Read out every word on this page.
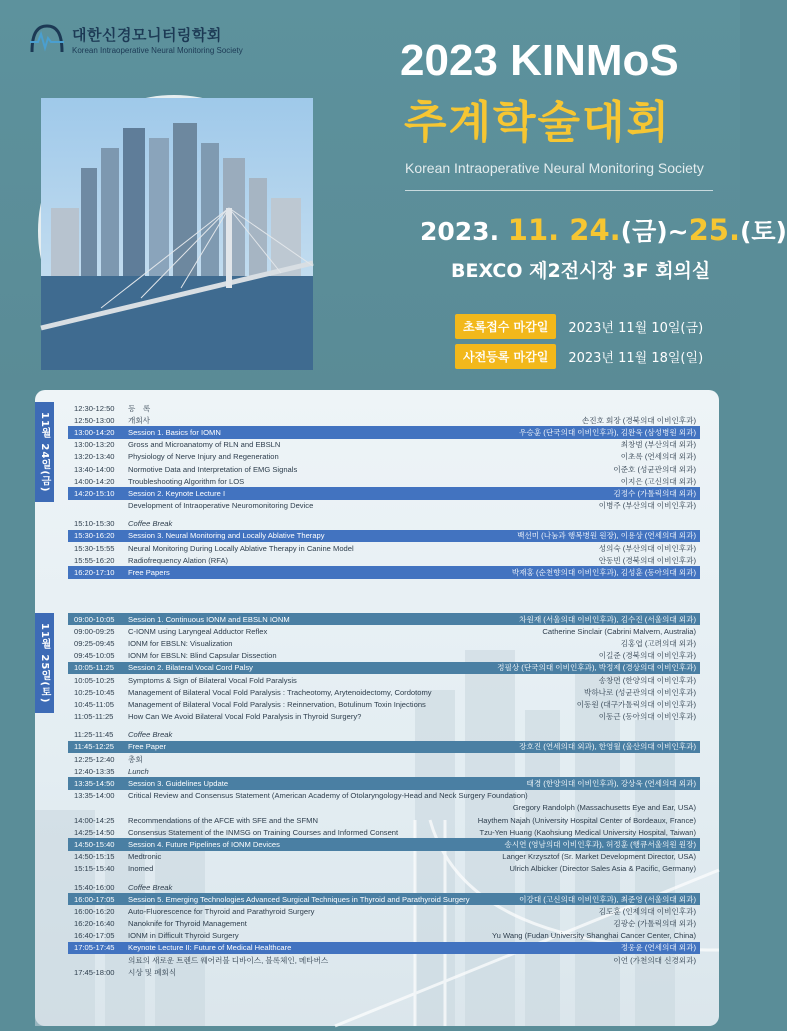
대한신경모니터링학회
Korean Intraoperative Neural Monitoring Society	2023 KINMoS
추계학술대회
Korean Intraoperative Neural Monitoring Society
2023. 11. 24.(금)~25.(토)
BEXCO 제2전시장 3F 회의실
초록접수 마감일	2023년 11월 10일(금)
사전등록 마감일	2023년 11월 18일(일)
11월 24일(금)
12:30-12:50	등　록
12:50-13:00	개회사	손진호 회장 (경북의대 이비인후과)
13:00-14:20	Session 1. Basics for IOMN	우승훈 (단국의대 이비인후과), 김완욱 (삼성병원 외과)
13:00-13:20	Gross and Microanatomy of RLN and EBSLN	최창범 (부산의대 외과)
13:20-13:40	Physiology of Nerve Injury and Regeneration	이초록 (연세의대 외과)
13:40-14:00	Normotive Data and Interpretation of EMG Signals	이준호 (성균관의대 외과)
14:00-14:20	Troubleshooting Algorithm for LOS	이지은 (고신의대 외과)
14:20-15:10	Session 2. Keynote Lecture I	김정수 (가톨릭의대 외과)
Development of Intraoperative Neuromonitoring Device	이병주 (부산의대 이비인후과)
15:10-15:30	Coffee Break
15:30-16:20	Session 3. Neural Monitoring and Locally Ablative Therapy	백선미 (나눔과 행복병원 원장), 이용상 (연세의대 외과)
15:30-15:55	Neural Monitoring During Locally Ablative Therapy in Canine Model	성의숙 (부산의대 이비인후과)
15:55-16:20	Radiofrequency Alation (RFA)	안동빈 (경북의대 이비인후과)
16:20-17:10	Free Papers	박재홍 (순천향의대 이비인후과), 김성훈 (동아의대 외과)
11월 25일(토)
09:00-10:05	Session 1. Continuous IONM and EBSLN IONM	차원재 (서울의대 이비인후과), 김수진 (서울의대 외과)
09:00-09:25	C-IONM using Laryngeal Adductor Reflex	Catherine Sinclair (Cabrini Malvern, Australia)
09:25-09:45	IONM for EBSLN: Visualization	김홍엽 (고려의대 외과)
09:45-10:05	IONM for EBSLN: Blind Capsular Dissection	이길준 (경북의대 이비인후과)
10:05-11:25	Session 2. Bilateral Vocal Cord Palsy	정필상 (단국의대 이비인후과), 박정제 (경상의대 이비인후과)
10:05-10:25	Symptoms & Sign of Bilateral Vocal Fold Paralysis	송창면 (한양의대 이비인후과)
10:25-10:45	Management of Bilateral Vocal Fold Paralysis : Tracheotomy, Arytenoidectomy, Cordotomy	박하나로 (성균관의대 이비인후과)
10:45-11:05	Management of Bilateral Vocal Fold Paralysis : Reinnervation, Botulinum Toxin Injections	이동원 (대구가톨릭의대 이비인후과)
11:05-11:25	How Can We Avoid Bilateral Vocal Fold Paralysis in Thyroid Surgery?	이동근 (동아의대 이비인후과)
11:25-11:45	Coffee Break
11:45-12:25	Free Paper	장호진 (연세의대 외과), 한영월 (울산의대 이비인후과)
12:25-12:40	총회
12:40-13:35	Lunch
13:35-14:50	Session 3. Guidelines Update	태경 (한양의대 이비인후과), 강상욱 (연세의대 외과)
13:35-14:00	Critical Review and Consensus Statement (American Academy of Otolaryngology-Head and Neck Surgery Foundation)
Gregory Randolph (Massachusetts Eye and Ear, USA)
14:00-14:25	Recommendations of the AFCE with SFE and the SFMN	Haythem Najah (University Hospital Center of Bordeaux, France)
14:25-14:50	Consensus Statement of the INMSG on Training Courses and Informed Consent	Tzu-Yen Huang (Kaohsiung Medical University Hospital, Taiwan)
14:50-15:40	Session 4. Future Pipelines of IONM Devices	송시연 (영남의대 이비인후과), 허정훈 (행큐서울의원 원장)
14:50-15:15	Medtronic	Langer Krzysztof (Sr. Market Development Director, USA)
15:15-15:40	Inomed	Ulrich Albicker (Director Sales Asia & Pacific, Germany)
15:40-16:00	Coffee Break
16:00-17:05	Session 5. Emerging Technologies Advanced Surgical Techniques in Thyroid and Parathyroid Surgery	이강대 (고신의대 이비인후과), 최준영 (서울의대 외과)
16:00-16:20	Auto-Fluorescence for Thyroid and Parathyroid Surgery	김도훈 (인제의대 이비인후과)
16:20-16:40	Nanoknife for Thyroid Management	김광순 (가톨릭의대 외과)
16:40-17:05	IONM in Difficult Thyroid Surgery	Yu Wang (Fudan University Shanghai Cancer Center, China)
17:05-17:45	Keynote Lecture II: Future of Medical Healthcare	정웅윤 (연세의대 외과)
의료의 새로운 트렌드 웨어러블 디바이스, 블록체인, 메타버스	이언 (가천의대 신경외과)
17:45-18:00	시상 및 폐회식
